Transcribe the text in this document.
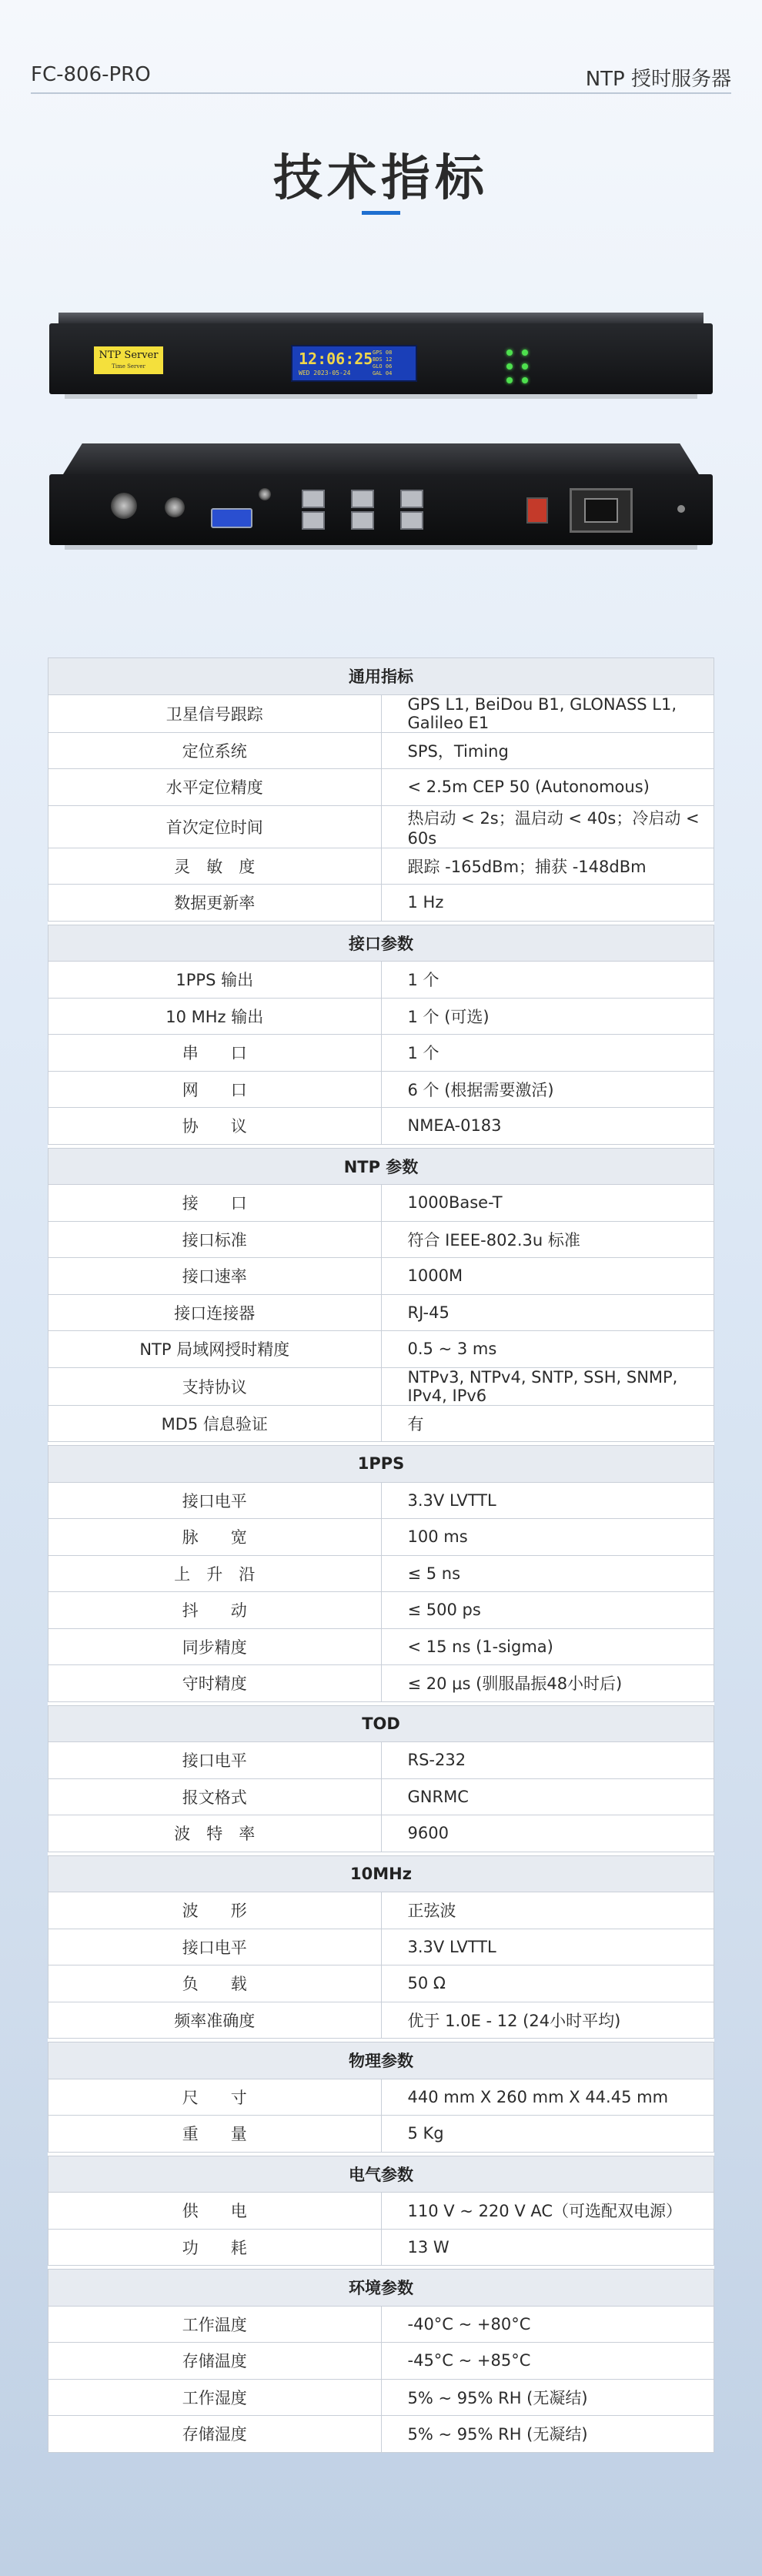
FC-806-PRO	NTP 授时服务器
技术指标
NTP Server
Time Server	12:06:25 GPS 08
BDS 12
GLO 06
GAL 04
WED 2023-05-24
通用指标	
卫星信号跟踪	GPS L1, BeiDou B1, GLONASS L1, Galileo E1
定位系统	SPS，Timing
水平定位精度	< 2.5m CEP 50 (Autonomous)
首次定位时间	热启动 < 2s；温启动 < 40s；冷启动 < 60s
灵　敏　度	跟踪 -165dBm；捕获 -148dBm
数据更新率	1 Hz

接口参数	
1PPS 输出	1 个
10 MHz 输出	1 个 (可选)
串　　口	1 个
网　　口	6 个 (根据需要激活)
协　　议	NMEA-0183

NTP 参数	
接　　口	1000Base-T
接口标准	符合 IEEE-802.3u 标准
接口速率	1000M
接口连接器	RJ-45
NTP 局域网授时精度	0.5 ~ 3 ms
支持协议	NTPv3, NTPv4, SNTP, SSH, SNMP, IPv4, IPv6
MD5 信息验证	有

1PPS	
接口电平	3.3V LVTTL
脉　　宽	100 ms
上　升　沿	≤ 5 ns
抖　　动	≤ 500 ps
同步精度	< 15 ns (1-sigma)
守时精度	≤ 20 μs (驯服晶振48小时后)

TOD	
接口电平	RS-232
报文格式	GNRMC
波　特　率	9600

10MHz	
波　　形	正弦波
接口电平	3.3V LVTTL
负　　载	50 Ω
频率准确度	优于 1.0E - 12 (24小时平均)

物理参数	
尺　　寸	440 mm X 260 mm X 44.45 mm
重　　量	5 Kg

电气参数	
供　　电	110 V ~ 220 V AC（可选配双电源）
功　　耗	13 W

环境参数	
工作温度	-40°C ~ +80°C
存储温度	-45°C ~ +85°C
工作湿度	5% ~ 95% RH (无凝结)
存储湿度	5% ~ 95% RH (无凝结)
